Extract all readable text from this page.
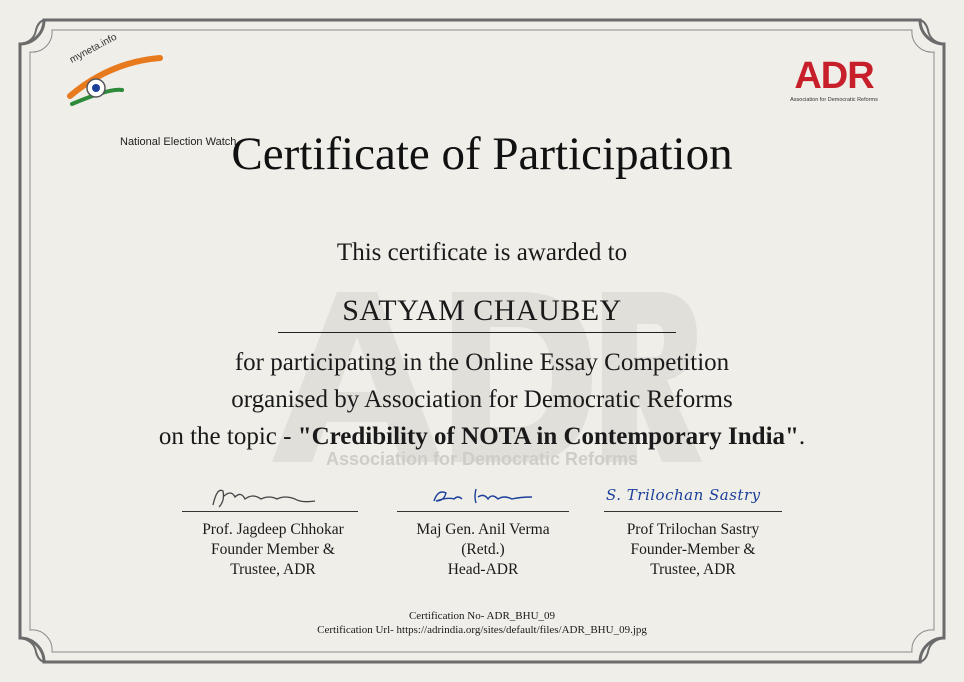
Association for Democratic Reforms
myneta.info
National Election Watch
ADR
Association for Democratic Reforms
Certificate of Participation
This certificate is awarded to
SATYAM CHAUBEY
for participating in the Online Essay Competition
organised by Association for Democratic Reforms
on the topic - "Credibility of NOTA in Contemporary India".
Prof. Jagdeep Chhokar
Founder Member &
Trustee, ADR
Maj Gen. Anil Verma
(Retd.)
Head-ADR
S. Trilochan Sastry
Prof Trilochan Sastry
Founder-Member &
Trustee, ADR
Certification No- ADR_BHU_09
Certification Url- https://adrindia.org/sites/default/files/ADR_BHU_09.jpg
